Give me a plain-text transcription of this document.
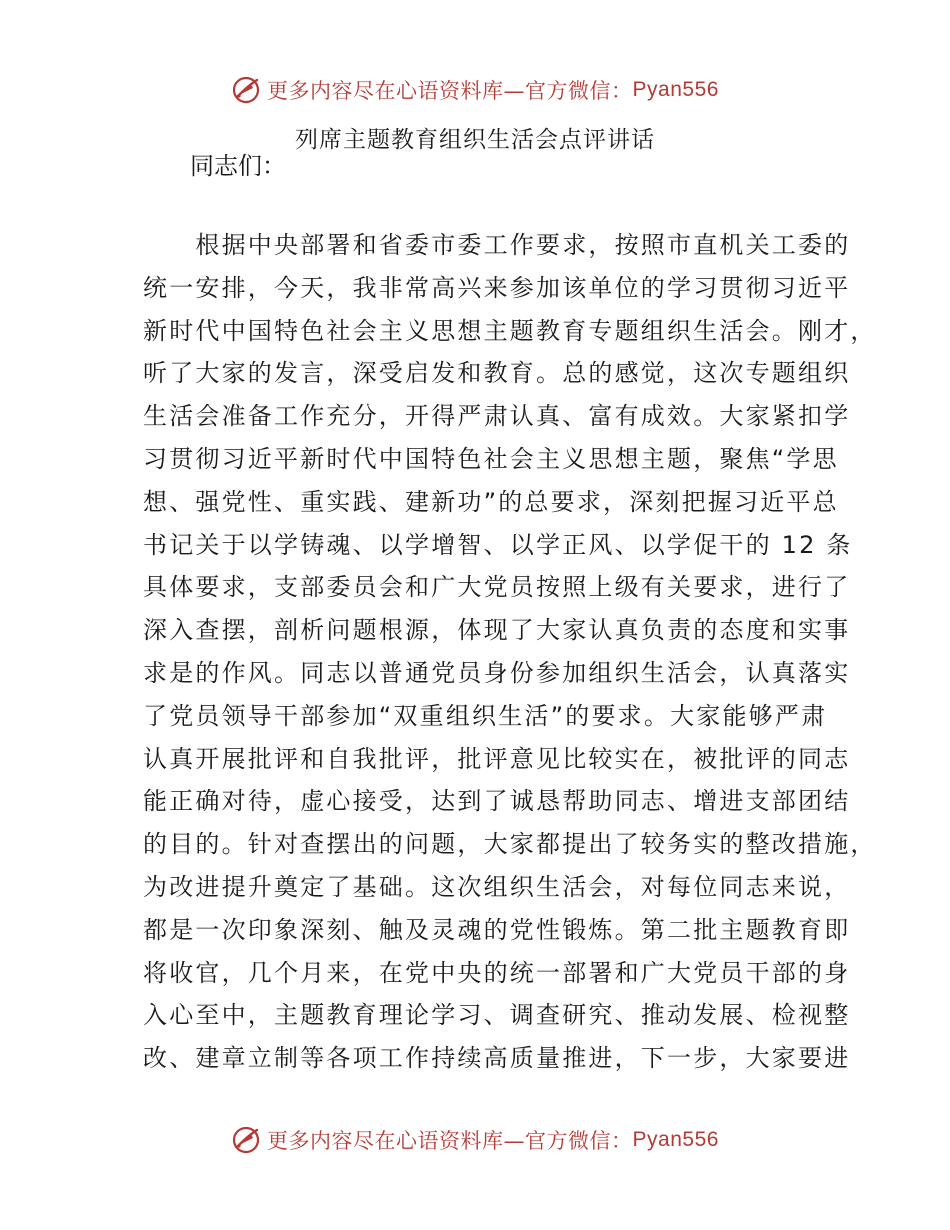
更多内容尽在心语资料库—官方微信： Pyan556
列席主题教育组织生活会点评讲话
同志们：
　　根据中央部署和省委市委工作要求，按照市直机关工委的
统一安排，今天，我非常高兴来参加该单位的学习贯彻习近平
新时代中国特色社会主义思想主题教育专题组织生活会。刚才，
听了大家的发言，深受启发和教育。总的感觉，这次专题组织
生活会准备工作充分，开得严肃认真、富有成效。大家紧扣学
习贯彻习近平新时代中国特色社会主义思想主题，聚焦“学思
想、强党性、重实践、建新功”的总要求，深刻把握习近平总
书记关于以学铸魂、以学增智、以学正风、以学促干的 12 条
具体要求，支部委员会和广大党员按照上级有关要求，进行了
深入查摆，剖析问题根源，体现了大家认真负责的态度和实事
求是的作风。同志以普通党员身份参加组织生活会，认真落实
了党员领导干部参加“双重组织生活”的要求。大家能够严肃
认真开展批评和自我批评，批评意见比较实在，被批评的同志
能正确对待，虚心接受，达到了诚恳帮助同志、增进支部团结
的目的。针对查摆出的问题，大家都提出了较务实的整改措施，
为改进提升奠定了基础。这次组织生活会，对每位同志来说，
都是一次印象深刻、触及灵魂的党性锻炼。第二批主题教育即
将收官，几个月来，在党中央的统一部署和广大党员干部的身
入心至中，主题教育理论学习、调查研究、推动发展、检视整
改、建章立制等各项工作持续高质量推进，下一步，大家要进
更多内容尽在心语资料库—官方微信： Pyan556
